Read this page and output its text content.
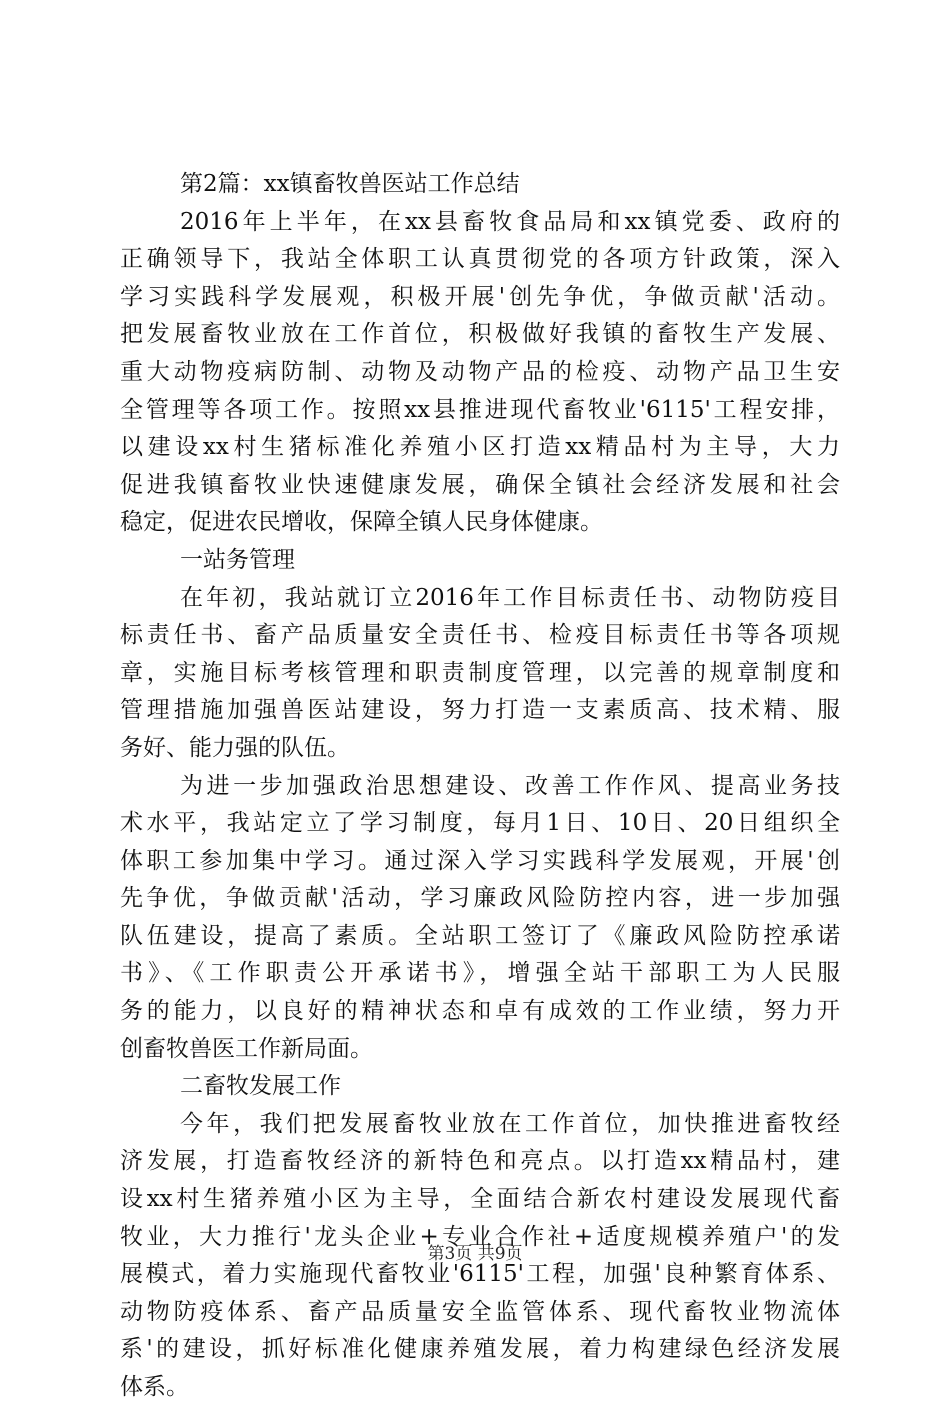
第2篇：xx镇畜牧兽医站工作总结
2016年上半年，在xx县畜牧食品局和xx镇党委、政府的
正确领导下，我站全体职工认真贯彻党的各项方针政策，深入
学习实践科学发展观，积极开展'创先争优，争做贡献'活动。
把发展畜牧业放在工作首位，积极做好我镇的畜牧生产发展、
重大动物疫病防制、动物及动物产品的检疫、动物产品卫生安
全管理等各项工作。按照xx县推进现代畜牧业'6115'工程安排，
以建设xx村生猪标准化养殖小区打造xx精品村为主导，大力
促进我镇畜牧业快速健康发展，确保全镇社会经济发展和社会
稳定，促进农民增收，保障全镇人民身体健康。
一站务管理
在年初，我站就订立2016年工作目标责任书、动物防疫目
标责任书、畜产品质量安全责任书、检疫目标责任书等各项规
章，实施目标考核管理和职责制度管理，以完善的规章制度和
管理措施加强兽医站建设，努力打造一支素质高、技术精、服
务好、能力强的队伍。
为进一步加强政治思想建设、改善工作作风、提高业务技
术水平，我站定立了学习制度，每月1日、10日、20日组织全
体职工参加集中学习。通过深入学习实践科学发展观，开展'创
先争优，争做贡献'活动，学习廉政风险防控内容，进一步加强
队伍建设，提高了素质。全站职工签订了《廉政风险防控承诺
书》、《工作职责公开承诺书》，增强全站干部职工为人民服
务的能力，以良好的精神状态和卓有成效的工作业绩，努力开
创畜牧兽医工作新局面。
二畜牧发展工作
今年，我们把发展畜牧业放在工作首位，加快推进畜牧经
济发展，打造畜牧经济的新特色和亮点。以打造xx精品村，建
设xx村生猪养殖小区为主导，全面结合新农村建设发展现代畜
牧业，大力推行'龙头企业+专业合作社+适度规模养殖户'的发
展模式，着力实施现代畜牧业'6115'工程，加强'良种繁育体系、
动物防疫体系、畜产品质量安全监管体系、现代畜牧业物流体
系'的建设，抓好标准化健康养殖发展，着力构建绿色经济发展
体系。
第3页 共9页
